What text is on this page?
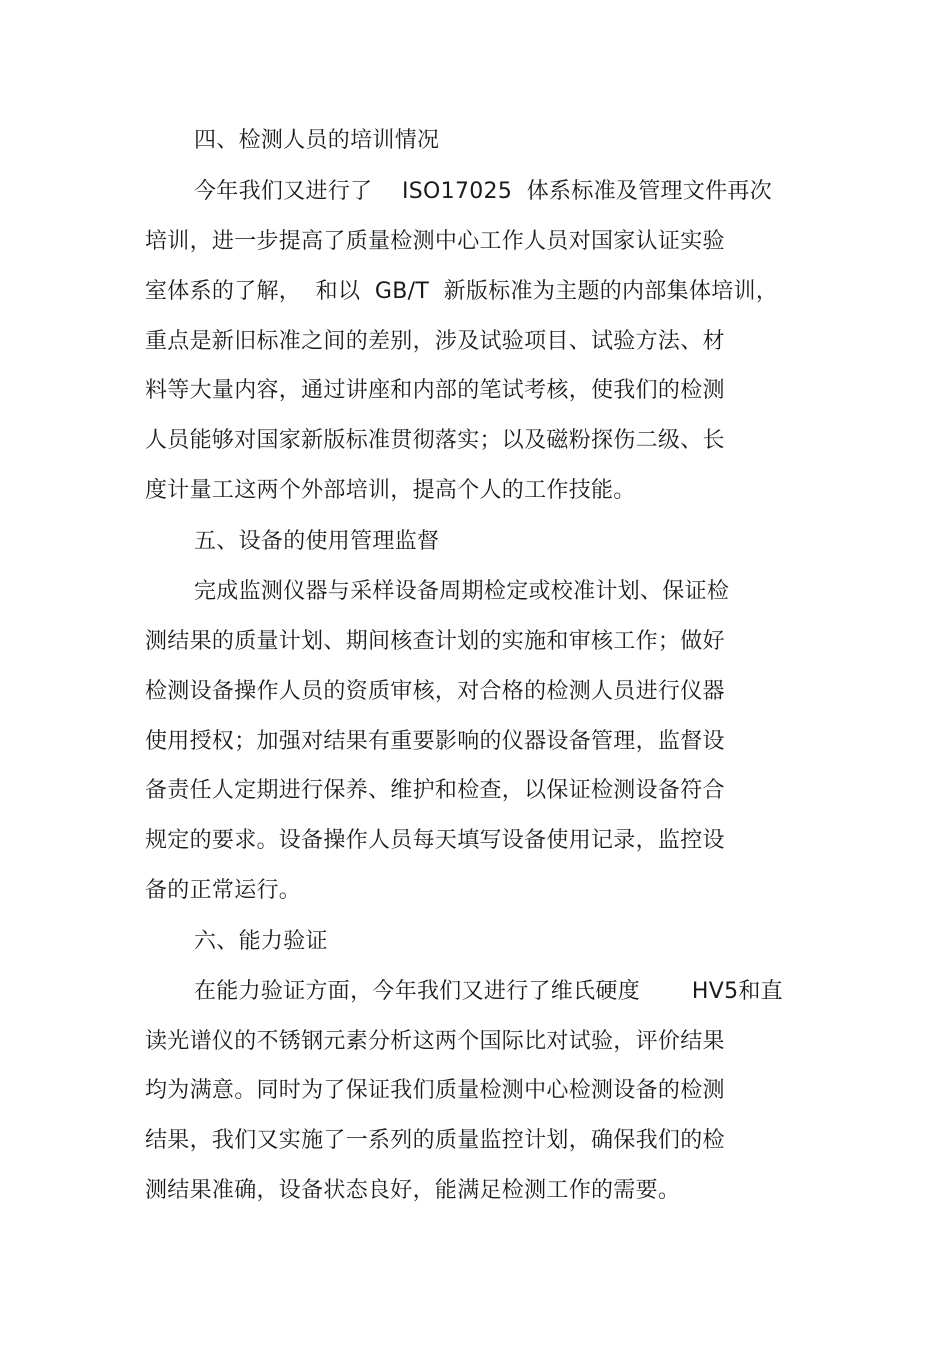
四、检测人员的培训情况
今年我们又进行了　 ISO17025  体系标准及管理文件再次
培训，进一步提高了质量检测中心工作人员对国家认证实验
室体系的了解，  和以  GB/T  新版标准为主题的内部集体培训，
重点是新旧标准之间的差别，涉及试验项目、试验方法、材
料等大量内容，通过讲座和内部的笔试考核，使我们的检测
人员能够对国家新版标准贯彻落实；以及磁粉探伤二级、长
度计量工这两个外部培训，提高个人的工作技能。
五、设备的使用管理监督
完成监测仪器与采样设备周期检定或校准计划、保证检
测结果的质量计划、期间核查计划的实施和审核工作；做好
检测设备操作人员的资质审核，对合格的检测人员进行仪器
使用授权；加强对结果有重要影响的仪器设备管理，监督设
备责任人定期进行保养、维护和检查，以保证检测设备符合
规定的要求。设备操作人员每天填写设备使用记录，监控设
备的正常运行。
六、能力验证
在能力验证方面，今年我们又进行了维氏硬度　　 HV5和直
读光谱仪的不锈钢元素分析这两个国际比对试验，评价结果
均为满意。同时为了保证我们质量检测中心检测设备的检测
结果，我们又实施了一系列的质量监控计划，确保我们的检
测结果准确，设备状态良好，能满足检测工作的需要。
